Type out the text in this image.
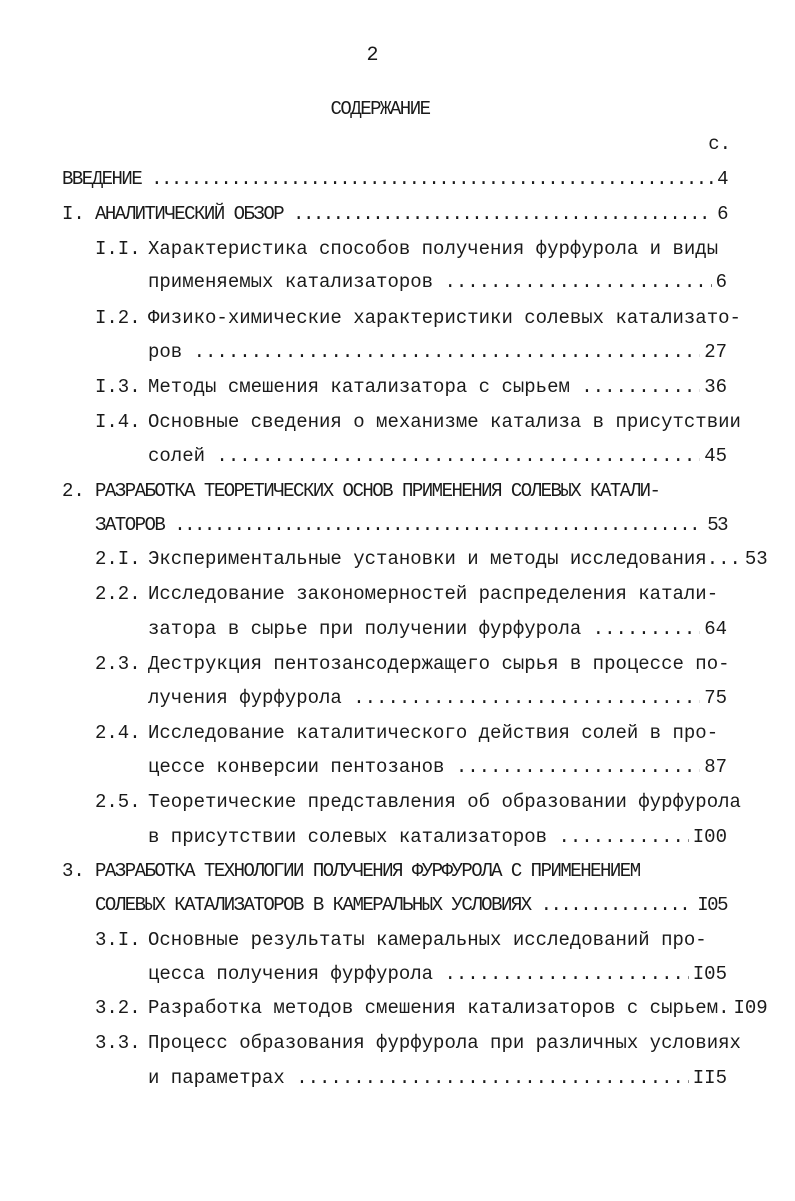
2
СОДЕРЖАНИЕ
с.
ВВЕДЕНИЕ .....	4
I. АНАЛИТИЧЕСКИЙ ОБЗОР .....	6
I.I. Характеристика способов получения фурфурола и виды
применяемых катализаторов .....	6
I.2. Физико-химические характеристики солевых катализато-
ров .....	27
I.3. Методы смешения катализатора с сырьем .....	36
I.4. Основные сведения о механизме катализа в присутствии
солей .....	45
2. РАЗРАБОТКА ТЕОРЕТИЧЕСКИХ ОСНОВ ПРИМЕНЕНИЯ СОЛЕВЫХ КАТАЛИ-
ЗАТОРОВ .....	53
2.I. Экспериментальные установки и методы исследования... 53
2.2. Исследование закономерностей распределения катали-
затора в сырье при получении фурфурола .....	64
2.3. Деструкция пентозансодержащего сырья в процессе по-
лучения фурфурола .....	75
2.4. Исследование каталитического действия солей в про-
цессе конверсии пентозанов .....	87
2.5. Теоретические представления об образовании фурфурола
в присутствии солевых катализаторов .....	I00
3. РАЗРАБОТКА ТЕХНОЛОГИИ ПОЛУЧЕНИЯ ФУРФУРОЛА С ПРИМЕНЕНИЕМ
СОЛЕВЫХ КАТАЛИЗАТОРОВ В КАМЕРАЛЬНЫХ УСЛОВИЯХ .....	I05
3.I. Основные результаты камеральных исследований про-
цесса получения фурфурола .....	I05
3.2. Разработка методов смешения катализаторов с сырьем. I09
3.3. Процесс образования фурфурола при различных условиях
и параметрах .....	II5
